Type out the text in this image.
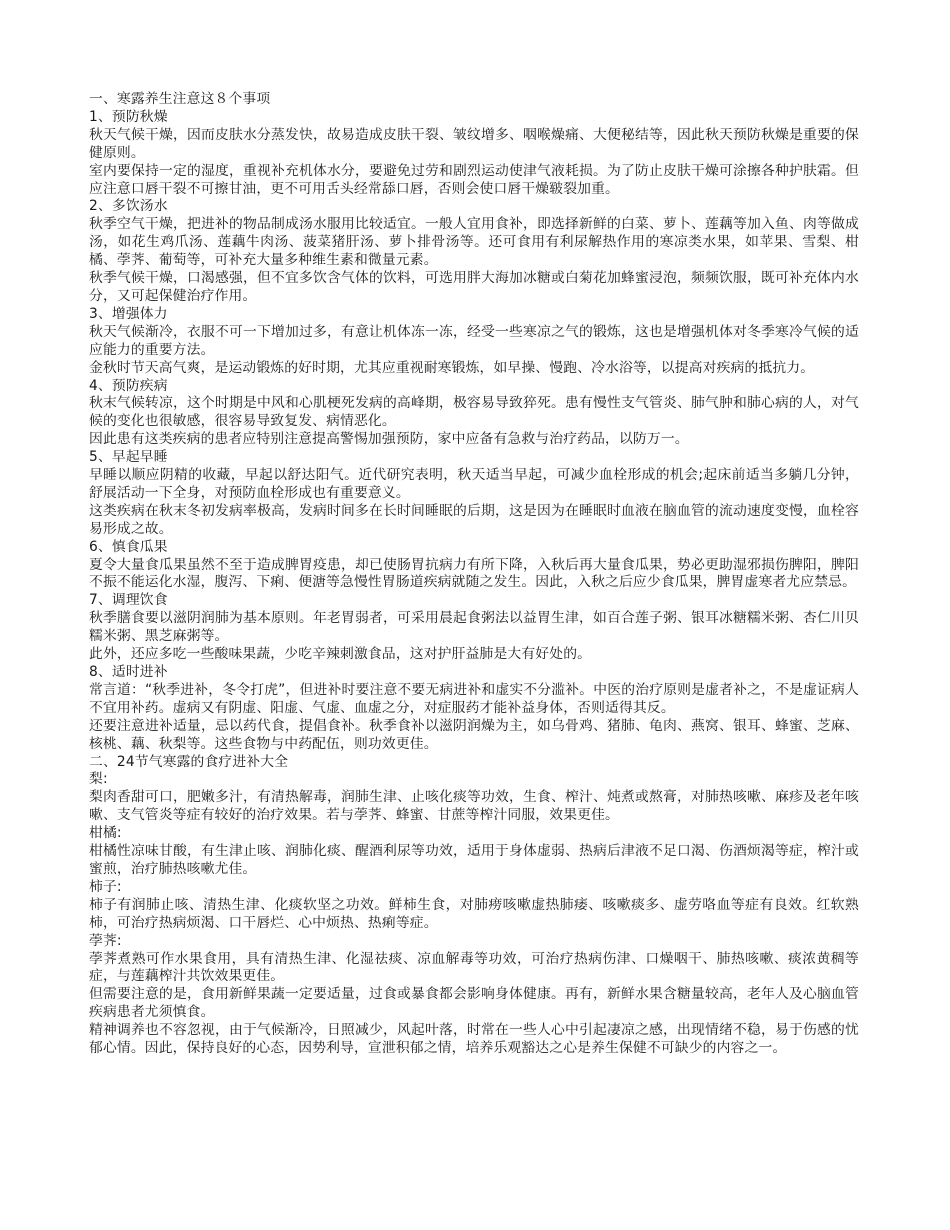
一、寒露养生注意这８个事项

1、预防秋燥

秋天气候干燥，因而皮肤水分蒸发快，故易造成皮肤干裂、皱纹增多、咽喉燥痛、大便秘结等，因此秋天预防秋燥是重要的保健原则。

室内要保持一定的湿度，重视补充机体水分，要避免过劳和剧烈运动使津气液耗损。为了防止皮肤干燥可涂擦各种护肤霜。但应注意口唇干裂不可擦甘油，更不可用舌头经常舔口唇，否则会使口唇干燥皲裂加重。

2、多饮汤水

秋季空气干燥，把进补的物品制成汤水服用比较适宜。一般人宜用食补，即选择新鲜的白菜、萝卜、莲藕等加入鱼、肉等做成汤，如花生鸡爪汤、莲藕牛肉汤、菠菜猪肝汤、萝卜排骨汤等。还可食用有利尿解热作用的寒凉类水果，如苹果、雪梨、柑橘、荸荠、葡萄等，可补充大量多种维生素和微量元素。

秋季气候干燥，口渴感强，但不宜多饮含气体的饮料，可选用胖大海加冰糖或白菊花加蜂蜜浸泡，频频饮服，既可补充体内水分，又可起保健治疗作用。

3、增强体力

秋天气候渐冷，衣服不可一下增加过多，有意让机体冻一冻，经受一些寒凉之气的锻炼，这也是增强机体对冬季寒冷气候的适应能力的重要方法。

金秋时节天高气爽，是运动锻炼的好时期，尤其应重视耐寒锻炼，如早操、慢跑、冷水浴等，以提高对疾病的抵抗力。

4、预防疾病

秋末气候转凉，这个时期是中风和心肌梗死发病的高峰期，极容易导致猝死。患有慢性支气管炎、肺气肿和肺心病的人，对气候的变化也很敏感，很容易导致复发、病情恶化。

因此患有这类疾病的患者应特别注意提高警惕加强预防，家中应备有急救与治疗药品，以防万一。

5、早起早睡

早睡以顺应阴精的收藏，早起以舒达阳气。近代研究表明，秋天适当早起，可减少血栓形成的机会;起床前适当多躺几分钟，舒展活动一下全身，对预防血栓形成也有重要意义。

这类疾病在秋末冬初发病率极高，发病时间多在长时间睡眠的后期，这是因为在睡眠时血液在脑血管的流动速度变慢，血栓容易形成之故。

6、慎食瓜果

夏令大量食瓜果虽然不至于造成脾胃疫患，却已使肠胃抗病力有所下降，入秋后再大量食瓜果，势必更助湿邪损伤脾阳，脾阳不振不能运化水湿，腹泻、下痢、便溏等急慢性胃肠道疾病就随之发生。因此，入秋之后应少食瓜果，脾胃虚寒者尤应禁忌。

7、调理饮食

秋季膳食要以滋阴润肺为基本原则。年老胃弱者，可采用晨起食粥法以益胃生津，如百合莲子粥、银耳冰糖糯米粥、杏仁川贝糯米粥、黑芝麻粥等。

此外，还应多吃一些酸味果蔬，少吃辛辣刺激食品，这对护肝益肺是大有好处的。

8、适时进补

常言道：“秋季进补，冬令打虎”，但进补时要注意不要无病进补和虚实不分滥补。中医的治疗原则是虚者补之，不是虚证病人不宜用补药。虚病又有阴虚、阳虚、气虚、血虚之分，对症服药才能补益身体，否则适得其反。

还要注意进补适量，忌以药代食，提倡食补。秋季食补以滋阴润燥为主，如乌骨鸡、猪肺、龟肉、燕窝、银耳、蜂蜜、芝麻、核桃、藕、秋梨等。这些食物与中药配伍，则功效更佳。

二、24节气寒露的食疗进补大全

梨:

梨肉香甜可口，肥嫩多汁，有清热解毒，润肺生津、止咳化痰等功效，生食、榨汁、炖煮或熬膏，对肺热咳嗽、麻疹及老年咳嗽、支气管炎等症有较好的治疗效果。若与荸荠、蜂蜜、甘蔗等榨汁同服，效果更佳。

柑橘:

柑橘性凉味甘酸，有生津止咳、润肺化痰、醒酒利尿等功效，适用于身体虚弱、热病后津液不足口渴、伤酒烦渴等症，榨汁或蜜煎，治疗肺热咳嗽尤佳。

柿子:

柿子有润肺止咳、清热生津、化痰软坚之功效。鲜柿生食，对肺痨咳嗽虚热肺痿、咳嗽痰多、虚劳咯血等症有良效。红软熟柿，可治疗热病烦渴、口干唇烂、心中烦热、热痢等症。

荸荠:

荸荠煮熟可作水果食用，具有清热生津、化湿祛痰、凉血解毒等功效，可治疗热病伤津、口燥咽干、肺热咳嗽、痰浓黄稠等症，与莲藕榨汁共饮效果更佳。

但需要注意的是，食用新鲜果蔬一定要适量，过食或暴食都会影响身体健康。再有，新鲜水果含糖量较高，老年人及心脑血管疾病患者尤须慎食。

精神调养也不容忽视，由于气候渐冷，日照减少，风起叶落，时常在一些人心中引起凄凉之感，出现情绪不稳，易于伤感的忧郁心情。因此，保持良好的心态，因势利导，宣泄积郁之情，培养乐观豁达之心是养生保健不可缺少的内容之一。
